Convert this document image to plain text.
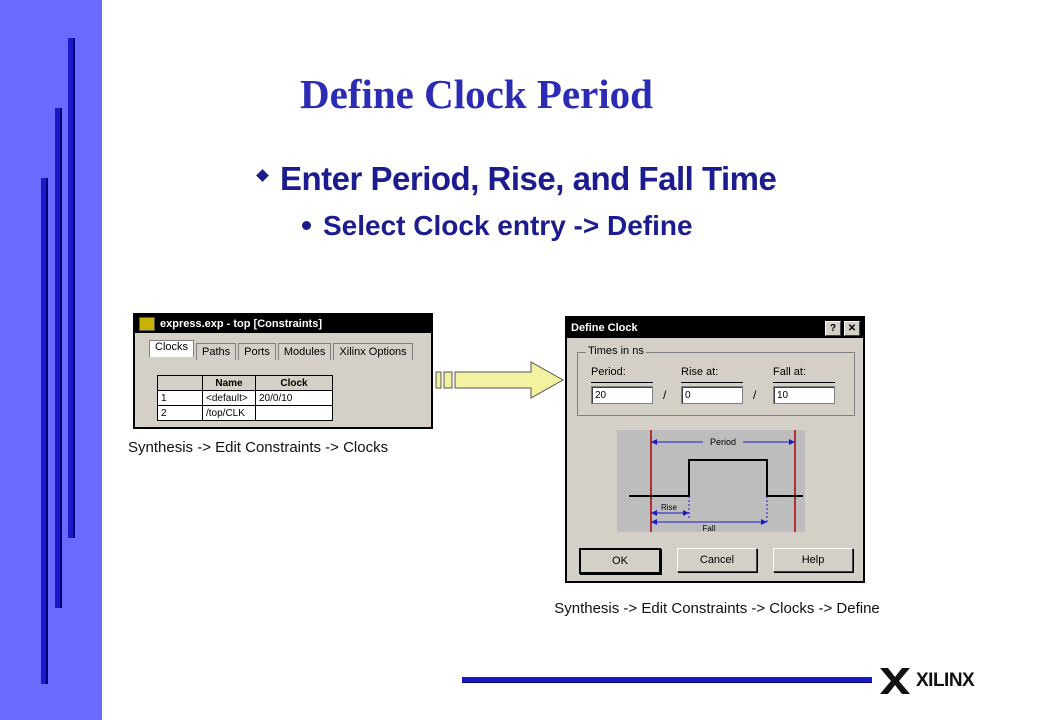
Define Clock Period
Enter Period, Rise, and Fall Time
Select Clock entry -> Define
express.exp - top [Constraints]
Clocks	Paths	Ports	Modules	Xilinx Options
	Name	Clock
1	<default>	20/0/10
2	/top/CLK	
Synthesis -> Edit Constraints -> Clocks
Define Clock	?	✕
Times in ns
Period:
20	/
Rise at:
0	/
Fall at:
10
Period
Rise
Fall
OK	Cancel	Help
Synthesis -> Edit Constraints -> Clocks -> Define
XILINX
